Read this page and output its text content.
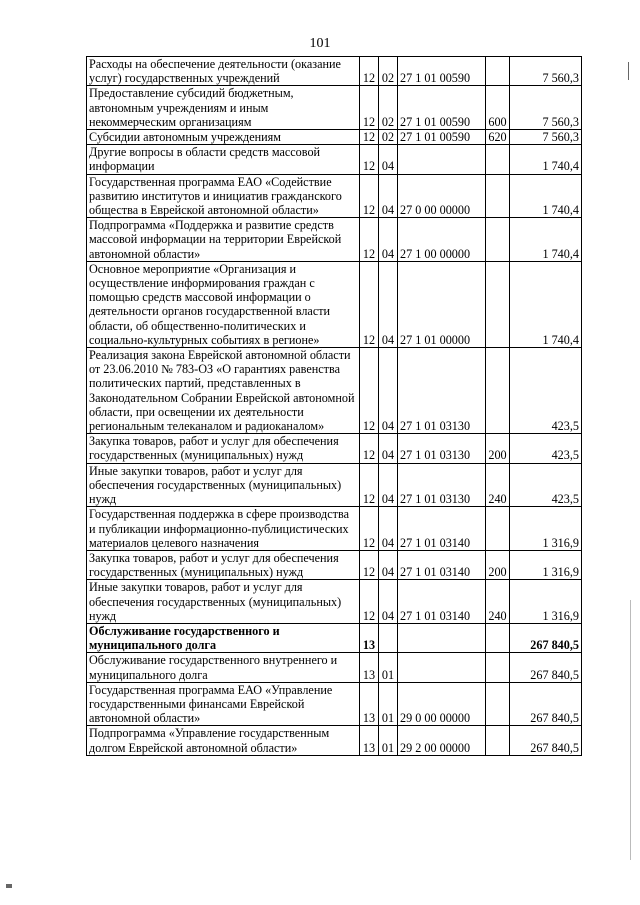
101
Расходы на обеспечение деятельности (оказание услуг) государственных учреждений	12	02	27 1 01 00590		7 560,3
Предоставление субсидий бюджетным, автономным учреждениям и иным некоммерческим организациям	12	02	27 1 01 00590	600	7 560,3
Субсидии автономным учреждениям	12	02	27 1 01 00590	620	7 560,3
Другие вопросы в области средств массовой информации	12	04			1 740,4
Государственная программа ЕАО «Содействие развитию институтов и инициатив гражданского общества в Еврейской автономной области»	12	04	27 0 00 00000		1 740,4
Подпрограмма «Поддержка и развитие средств массовой информации на территории Еврейской автономной области»	12	04	27 1 00 00000		1 740,4
Основное мероприятие «Организация и осуществление информирования граждан с помощью средств массовой информации о деятельности органов государственной власти области, об общественно-политических и социально-культурных событиях в регионе»	12	04	27 1 01 00000		1 740,4
Реализация закона Еврейской автономной области от 23.06.2010 № 783-ОЗ «О гарантиях равенства политических партий, представленных в Законодательном Собрании Еврейской автономной области, при освещении их деятельности региональным телеканалом и радиоканалом»	12	04	27 1 01 03130		423,5
Закупка товаров, работ и услуг для обеспечения государственных (муниципальных) нужд	12	04	27 1 01 03130	200	423,5
Иные закупки товаров, работ и услуг для обеспечения государственных (муниципальных) нужд	12	04	27 1 01 03130	240	423,5
Государственная поддержка в сфере производства и публикации информационно-публицистических материалов целевого назначения	12	04	27 1 01 03140		1 316,9
Закупка товаров, работ и услуг для обеспечения государственных (муниципальных) нужд	12	04	27 1 01 03140	200	1 316,9
Иные закупки товаров, работ и услуг для обеспечения государственных (муниципальных) нужд	12	04	27 1 01 03140	240	1 316,9
Обслуживание государственного и муниципального долга	13				267 840,5
Обслуживание государственного внутреннего и муниципального долга	13	01			267 840,5
Государственная программа ЕАО «Управление государственными финансами Еврейской автономной области»	13	01	29 0 00 00000		267 840,5
Подпрограмма «Управление государственным долгом Еврейской автономной области»	13	01	29 2 00 00000		267 840,5
